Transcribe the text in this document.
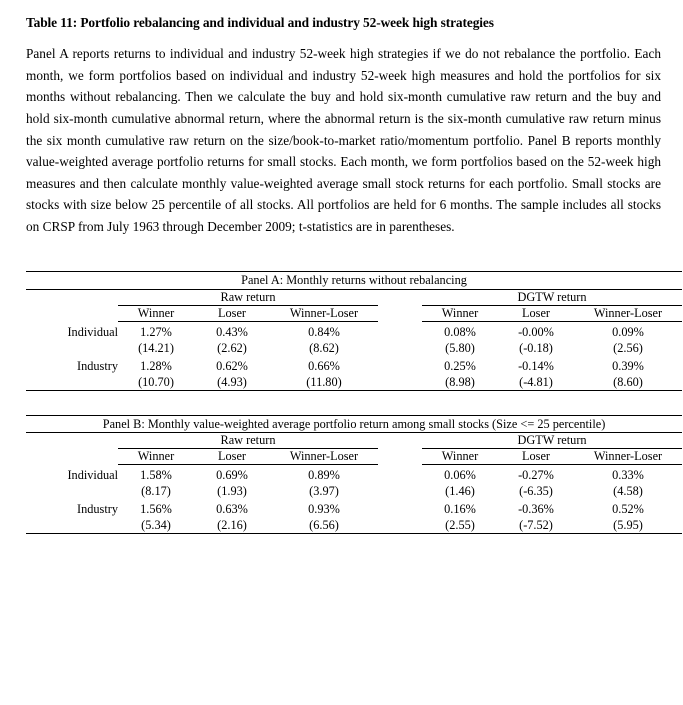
Table 11: Portfolio rebalancing and individual and industry 52-week high strategies

Panel A reports returns to individual and industry 52-week high strategies if we do not rebalance the portfolio. Each month, we form portfolios based on individual and industry 52-week high measures and hold the portfolios for six months without rebalancing. Then we calculate the buy and hold six-month cumulative raw return and the buy and hold six-month cumulative abnormal return, where the abnormal return is the six-month cumulative raw return minus the six month cumulative raw return on the size/book-to-market ratio/momentum portfolio. Panel B reports monthly value-weighted average portfolio returns for small stocks. Each month, we form portfolios based on the 52-week high measures and then calculate monthly value-weighted average small stock returns for each portfolio. Small stocks are stocks with size below 25 percentile of all stocks. All portfolios are held for 6 months. The sample includes all stocks on CRSP from July 1963 through December 2009; t-statistics are in parentheses.

Panel A: Monthly returns without rebalancing							
	Raw return				DGTW return		
	Winner	Loser	Winner-Loser		Winner	Loser	Winner-Loser
Individual	1.27%	0.43%	0.84%		0.08%	-0.00%	0.09%
	(14.21)	(2.62)	(8.62)		(5.80)	(-0.18)	(2.56)
Industry	1.28%	0.62%	0.66%		0.25%	-0.14%	0.39%
	(10.70)	(4.93)	(11.80)		(8.98)	(-4.81)	(8.60)
Panel B: Monthly value-weighted average portfolio return among small stocks (Size <= 25 percentile)							
	Raw return				DGTW return		
	Winner	Loser	Winner-Loser		Winner	Loser	Winner-Loser
Individual	1.58%	0.69%	0.89%		0.06%	-0.27%	0.33%
	(8.17)	(1.93)	(3.97)		(1.46)	(-6.35)	(4.58)
Industry	1.56%	0.63%	0.93%		0.16%	-0.36%	0.52%
	(5.34)	(2.16)	(6.56)		(2.55)	(-7.52)	(5.95)
